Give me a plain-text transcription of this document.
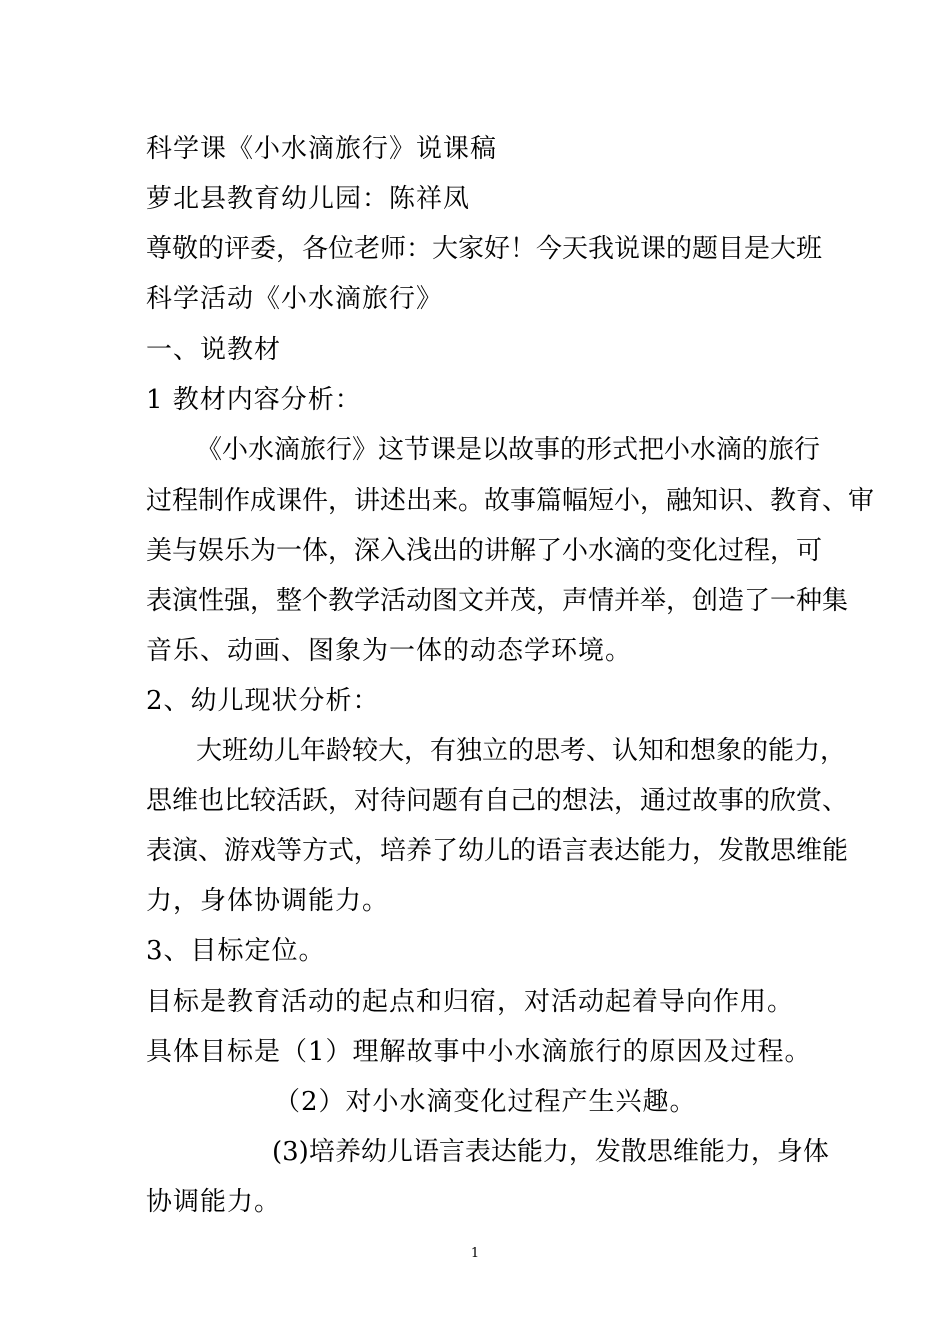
科学课《小水滴旅行》说课稿
萝北县教育幼儿园：陈祥凤
尊敬的评委，各位老师：大家好！今天我说课的题目是大班
科学活动《小水滴旅行》
一、说教材
1 教材内容分析：
《小水滴旅行》这节课是以故事的形式把小水滴的旅行
过程制作成课件，讲述出来。故事篇幅短小，融知识、教育、审
美与娱乐为一体，深入浅出的讲解了小水滴的变化过程，可
表演性强，整个教学活动图文并茂，声情并举，创造了一种集
音乐、动画、图象为一体的动态学环境。
2、幼儿现状分析：
大班幼儿年龄较大，有独立的思考、认知和想象的能力，
思维也比较活跃，对待问题有自己的想法，通过故事的欣赏、
表演、游戏等方式，培养了幼儿的语言表达能力，发散思维能
力，身体协调能力。
3、目标定位。
目标是教育活动的起点和归宿，对活动起着导向作用。
具体目标是（1）理解故事中小水滴旅行的原因及过程。
（2）对小水滴变化过程产生兴趣。
(3)培养幼儿语言表达能力，发散思维能力，身体
协调能力。
1
